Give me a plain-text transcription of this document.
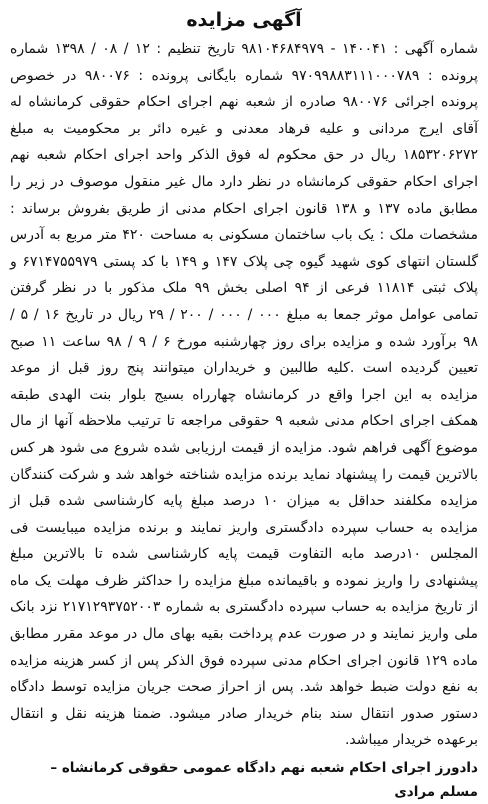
آگهی مزایده

شماره آگهی : ۱۴۰۰۴۱ - ۹۸۱۰۴۶۸۴۹۷۹ تاریخ تنظیم : ۱۲ / ۰۸ / ۱۳۹۸ شماره پرونده : ۹۷۰۹۹۸۸۳۱۱۱۰۰۰۷۸۹ شماره بایگانی پرونده : ۹۸۰۰۷۶ در خصوص پرونده اجرائی ۹۸۰۰۷۶ صادره از شعبه نهم اجرای احکام حقوقی کرمانشاه له آقای ایرج مردانی و علیه فرهاد معدنی و غیره دائر بر محکومیت به مبلغ ۱۸۵۳۲۰۶۲۷۲ ریال در حق محکوم له فوق الذکر واحد اجرای احکام شعبه نهم اجرای احکام حقوقی کرمانشاه در نظر دارد مال غیر منقول موصوف در زیر را مطابق ماده ۱۳۷ و ۱۳۸ قانون اجرای احکام مدنی از طریق بفروش برساند : مشخصات ملک : یک باب ساختمان مسکونی به مساحت ۴۲۰ متر مربع به آدرس گلستان انتهای کوی شهید گیوه چی پلاک ۱۴۷ و ۱۴۹ با کد پستی ۶۷۱۴۷۵۵۹۷۹ و پلاک ثبتی ۱۱۸۱۴ فرعی از ۹۴ اصلی بخش ۹۹ ملک مذکور با در نظر گرفتن تمامی عوامل موثر جمعا به مبلغ ۰۰۰ / ۰۰۰ / ۲۰۰ / ۲۹ ریال در تاریخ ۱۶ / ۵ / ۹۸ برآورد شده و مزایده برای روز چهارشنبه مورخ ۶ / ۹ / ۹۸ ساعت ۱۱ صبح تعیین گردیده است .کلیه طالبین و خریداران میتوانند پنج روز قبل از موعد مزایده به این اجرا واقع در کرمانشاه چهارراه بسیج بلوار بنت الهدی طبقه همکف اجرای احکام مدنی شعبه ۹ حقوقی مراجعه تا ترتیب ملاحظه آنها از مال موضوع آگهی فراهم شود. مزایده از قیمت ارزیابی شده شروع می شود هر کس بالاترین قیمت را پیشنهاد نماید برنده مزایده شناخته خواهد شد و شرکت کنندگان مزایده مکلفند حداقل به میزان ۱۰ درصد مبلغ پایه کارشناسی شده قبل از مزایده به حساب سپرده دادگستری واریز نمایند و برنده مزایده میبایست فی المجلس ۱۰درصد مابه التفاوت قیمت پایه کارشناسی شده تا بالاترین مبلغ پیشنهادی را واریز نموده و باقیمانده مبلغ مزایده را حداکثر ظرف مهلت یک ماه از تاریخ مزایده به حساب سپرده دادگستری به شماره ۲۱۷۱۲۹۳۷۵۲۰۰۳ نزد بانک ملی واریز نمایند و در صورت عدم پرداخت بقیه بهای مال در موعد مقرر مطابق ماده ۱۲۹ قانون اجرای احکام مدنی سپرده فوق الذکر پس از کسر هزینه مزایده به نفع دولت ضبط خواهد شد. پس از احراز صحت جریان مزایده توسط دادگاه دستور صدور انتقال سند بنام خریدار صادر میشود. ضمنا هزینه نقل و انتقال برعهده خریدار میباشد.

دادورز اجرای احکام شعبه نهم دادگاه عمومی حقوقی کرمانشاه – مسلم مرادی
